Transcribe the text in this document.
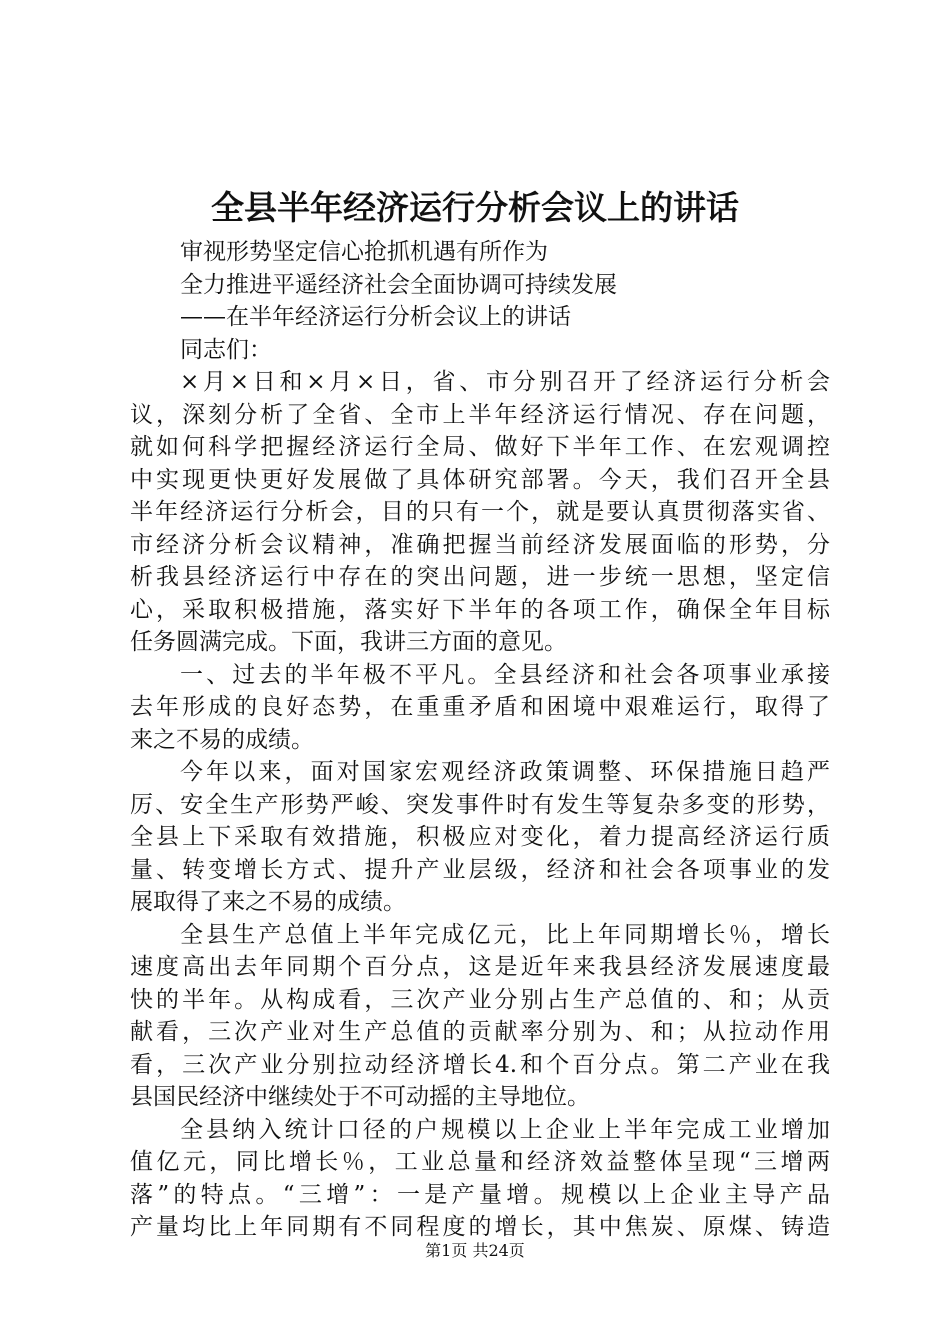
全县半年经济运行分析会议上的讲话
审视形势坚定信心抢抓机遇有所作为
全力推进平遥经济社会全面协调可持续发展
——在半年经济运行分析会议上的讲话
同志们：
×月×日和×月×日，省、市分别召开了经济运行分析会
议，深刻分析了全省、全市上半年经济运行情况、存在问题，
就如何科学把握经济运行全局、做好下半年工作、在宏观调控
中实现更快更好发展做了具体研究部署。今天，我们召开全县
半年经济运行分析会，目的只有一个，就是要认真贯彻落实省、
市经济分析会议精神，准确把握当前经济发展面临的形势，分
析我县经济运行中存在的突出问题，进一步统一思想，坚定信
心，采取积极措施，落实好下半年的各项工作，确保全年目标
任务圆满完成。下面，我讲三方面的意见。
一、过去的半年极不平凡。全县经济和社会各项事业承接
去年形成的良好态势，在重重矛盾和困境中艰难运行，取得了
来之不易的成绩。
今年以来，面对国家宏观经济政策调整、环保措施日趋严
厉、安全生产形势严峻、突发事件时有发生等复杂多变的形势，
全县上下采取有效措施，积极应对变化，着力提高经济运行质
量、转变增长方式、提升产业层级，经济和社会各项事业的发
展取得了来之不易的成绩。
全县生产总值上半年完成亿元，比上年同期增长％，增长
速度高出去年同期个百分点，这是近年来我县经济发展速度最
快的半年。从构成看，三次产业分别占生产总值的、和；从贡
献看，三次产业对生产总值的贡献率分别为、和；从拉动作用
看，三次产业分别拉动经济增长4.和个百分点。第二产业在我
县国民经济中继续处于不可动摇的主导地位。
全县纳入统计口径的户规模以上企业上半年完成工业增加
值亿元，同比增长％，工业总量和经济效益整体呈现“三增两
落”的特点。“三增”：一是产量增。规模以上企业主导产品
产量均比上年同期有不同程度的增长，其中焦炭、原煤、铸造
第1页 共24页
